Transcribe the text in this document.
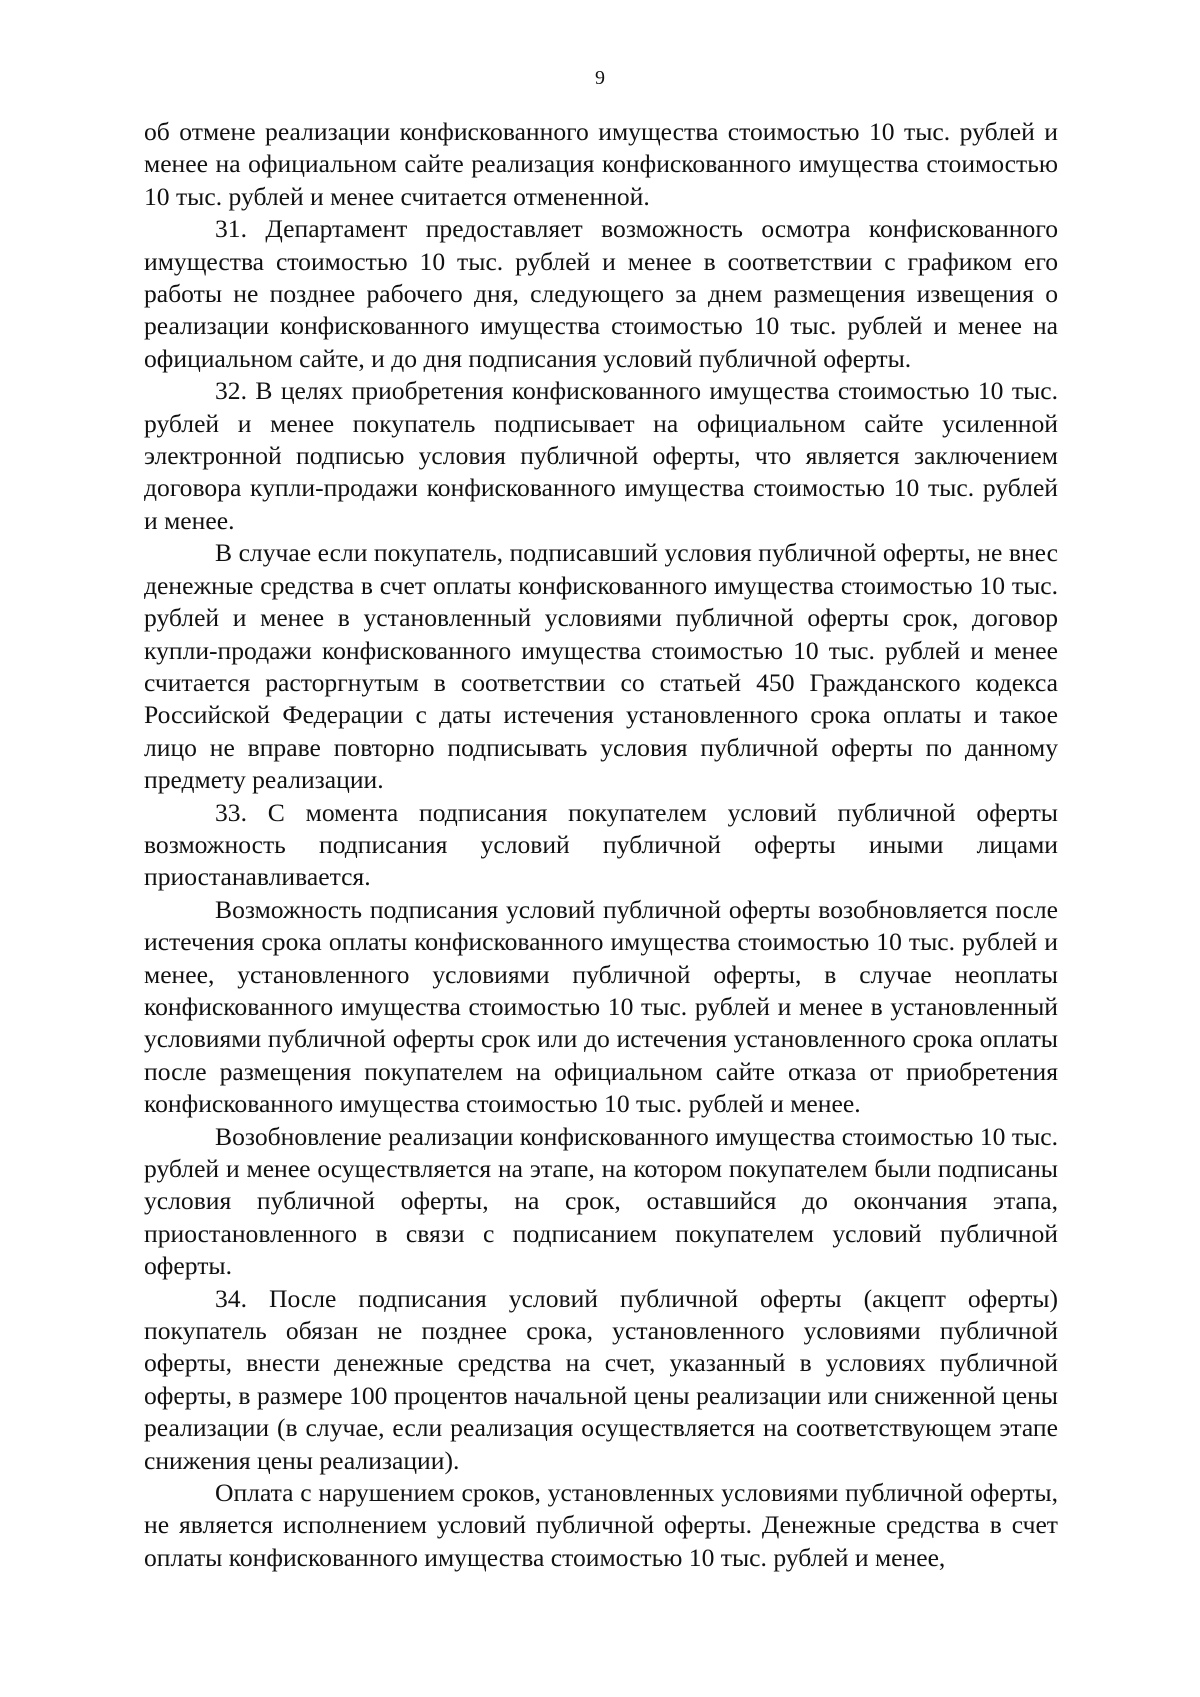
9

об отмене реализации конфискованного имущества стоимостью 10 тыс. рублей и менее на официальном сайте реализация конфискованного имущества стоимостью 10 тыс. рублей и менее считается отмененной.

31. Департамент предоставляет возможность осмотра конфискованного имущества стоимостью 10 тыс. рублей и менее в соответствии с графиком его работы не позднее рабочего дня, следующего за днем размещения извещения о реализации конфискованного имущества стоимостью 10 тыс. рублей и менее на официальном сайте, и до дня подписания условий публичной оферты.

32. В целях приобретения конфискованного имущества стоимостью 10 тыс. рублей и менее покупатель подписывает на официальном сайте усиленной электронной подписью условия публичной оферты, что является заключением договора купли-продажи конфискованного имущества стоимостью 10 тыс. рублей и менее.

В случае если покупатель, подписавший условия публичной оферты, не внес денежные средства в счет оплаты конфискованного имущества стоимостью 10 тыс. рублей и менее в установленный условиями публичной оферты срок, договор купли-продажи конфискованного имущества стоимостью 10 тыс. рублей и менее считается расторгнутым в соответствии со статьей 450 Гражданского кодекса Российской Федерации с даты истечения установленного срока оплаты и такое лицо не вправе повторно подписывать условия публичной оферты по данному предмету реализации.

33. С момента подписания покупателем условий публичной оферты возможность подписания условий публичной оферты иными лицами приостанавливается.

Возможность подписания условий публичной оферты возобновляется после истечения срока оплаты конфискованного имущества стоимостью 10 тыс. рублей и менее, установленного условиями публичной оферты, в случае неоплаты конфискованного имущества стоимостью 10 тыс. рублей и менее в установленный условиями публичной оферты срок или до истечения установленного срока оплаты после размещения покупателем на официальном сайте отказа от приобретения конфискованного имущества стоимостью 10 тыс. рублей и менее.

Возобновление реализации конфискованного имущества стоимостью 10 тыс. рублей и менее осуществляется на этапе, на котором покупателем были подписаны условия публичной оферты, на срок, оставшийся до окончания этапа, приостановленного в связи с подписанием покупателем условий публичной оферты.

34. После подписания условий публичной оферты (акцепт оферты) покупатель обязан не позднее срока, установленного условиями публичной оферты, внести денежные средства на счет, указанный в условиях публичной оферты, в размере 100 процентов начальной цены реализации или сниженной цены реализации (в случае, если реализация осуществляется на соответствующем этапе снижения цены реализации).

Оплата с нарушением сроков, установленных условиями публичной оферты, не является исполнением условий публичной оферты. Денежные средства в счет оплаты конфискованного имущества стоимостью 10 тыс. рублей и менее,
